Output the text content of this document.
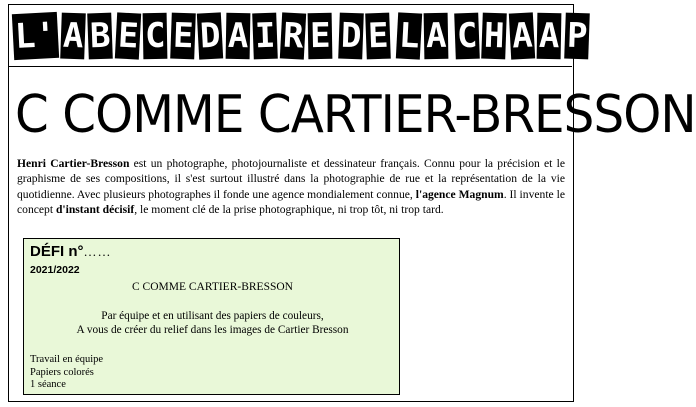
L' A B E C E D A I R E D E L A C H A A P
C COMME CARTIER-BRESSON

Henri Cartier-Bresson est un photographe, photojournaliste et dessinateur français. Connu pour la précision et le graphisme de ses compositions, il s'est surtout illustré dans la photographie de rue et la représentation de la vie quotidienne. Avec plusieurs photographes il fonde une agence mondialement connue, l'agence Magnum. Il invente le concept d'instant décisif, le moment clé de la prise photographique, ni trop tôt, ni trop tard.

DÉFI n°……
2021/2022
C COMME CARTIER-BRESSON
Par équipe et en utilisant des papiers de couleurs,
A vous de créer du relief dans les images de Cartier Bresson
Travail en équipe
Papiers colorés
1 séance
